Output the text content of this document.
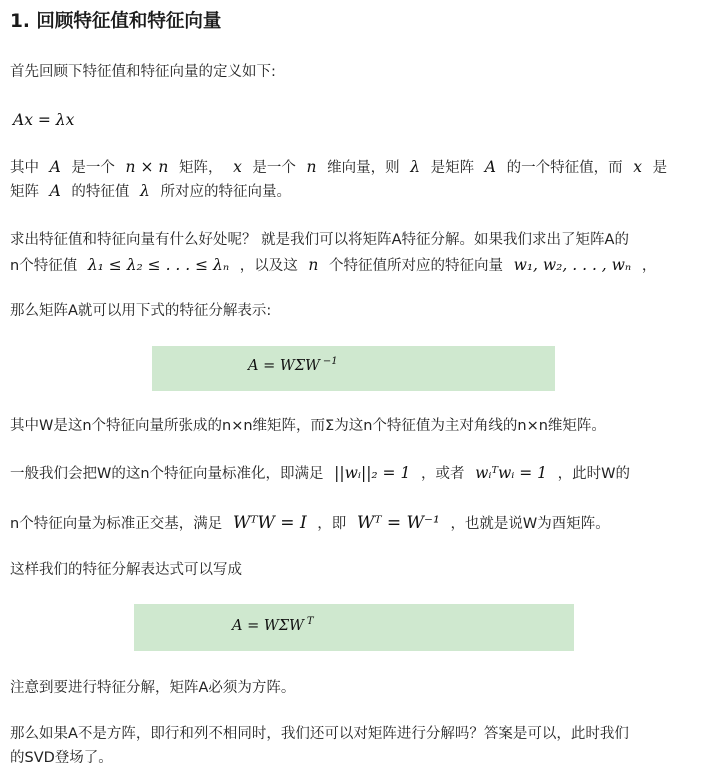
1. 回顾特征值和特征向量

首先回顾下特征值和特征向量的定义如下:

Ax = λx

其中 A 是一个 n × n 矩阵， x 是一个 n 维向量，则 λ 是矩阵 A 的一个特征值，而 x 是

矩阵 A 的特征值 λ 所对应的特征向量。

求出特征值和特征向量有什么好处呢？ 就是我们可以将矩阵A特征分解。如果我们求出了矩阵A的

n个特征值 λ₁ ≤ λ₂ ≤ . . . ≤ λₙ ，以及这 n 个特征值所对应的特征向量 w₁, w₂, . . . , wₙ ，

那么矩阵A就可以用下式的特征分解表示:

A = WΣW $^{-1}$

其中W是这n个特征向量所张成的n×n维矩阵，而Σ为这n个特征值为主对角线的n×n维矩阵。

一般我们会把W的这n个特征向量标准化，即满足 ||wᵢ||₂ = 1 ，或者 wᵢᵀwᵢ = 1 ，此时W的

n个特征向量为标准正交基，满足 WᵀW = I ，即 Wᵀ = W⁻¹ ，也就是说W为酉矩阵。

这样我们的特征分解表达式可以写成

A = WΣW $^T$

注意到要进行特征分解，矩阵A必须为方阵。

那么如果A不是方阵，即行和列不相同时，我们还可以对矩阵进行分解吗？答案是可以，此时我们

的SVD登场了。
